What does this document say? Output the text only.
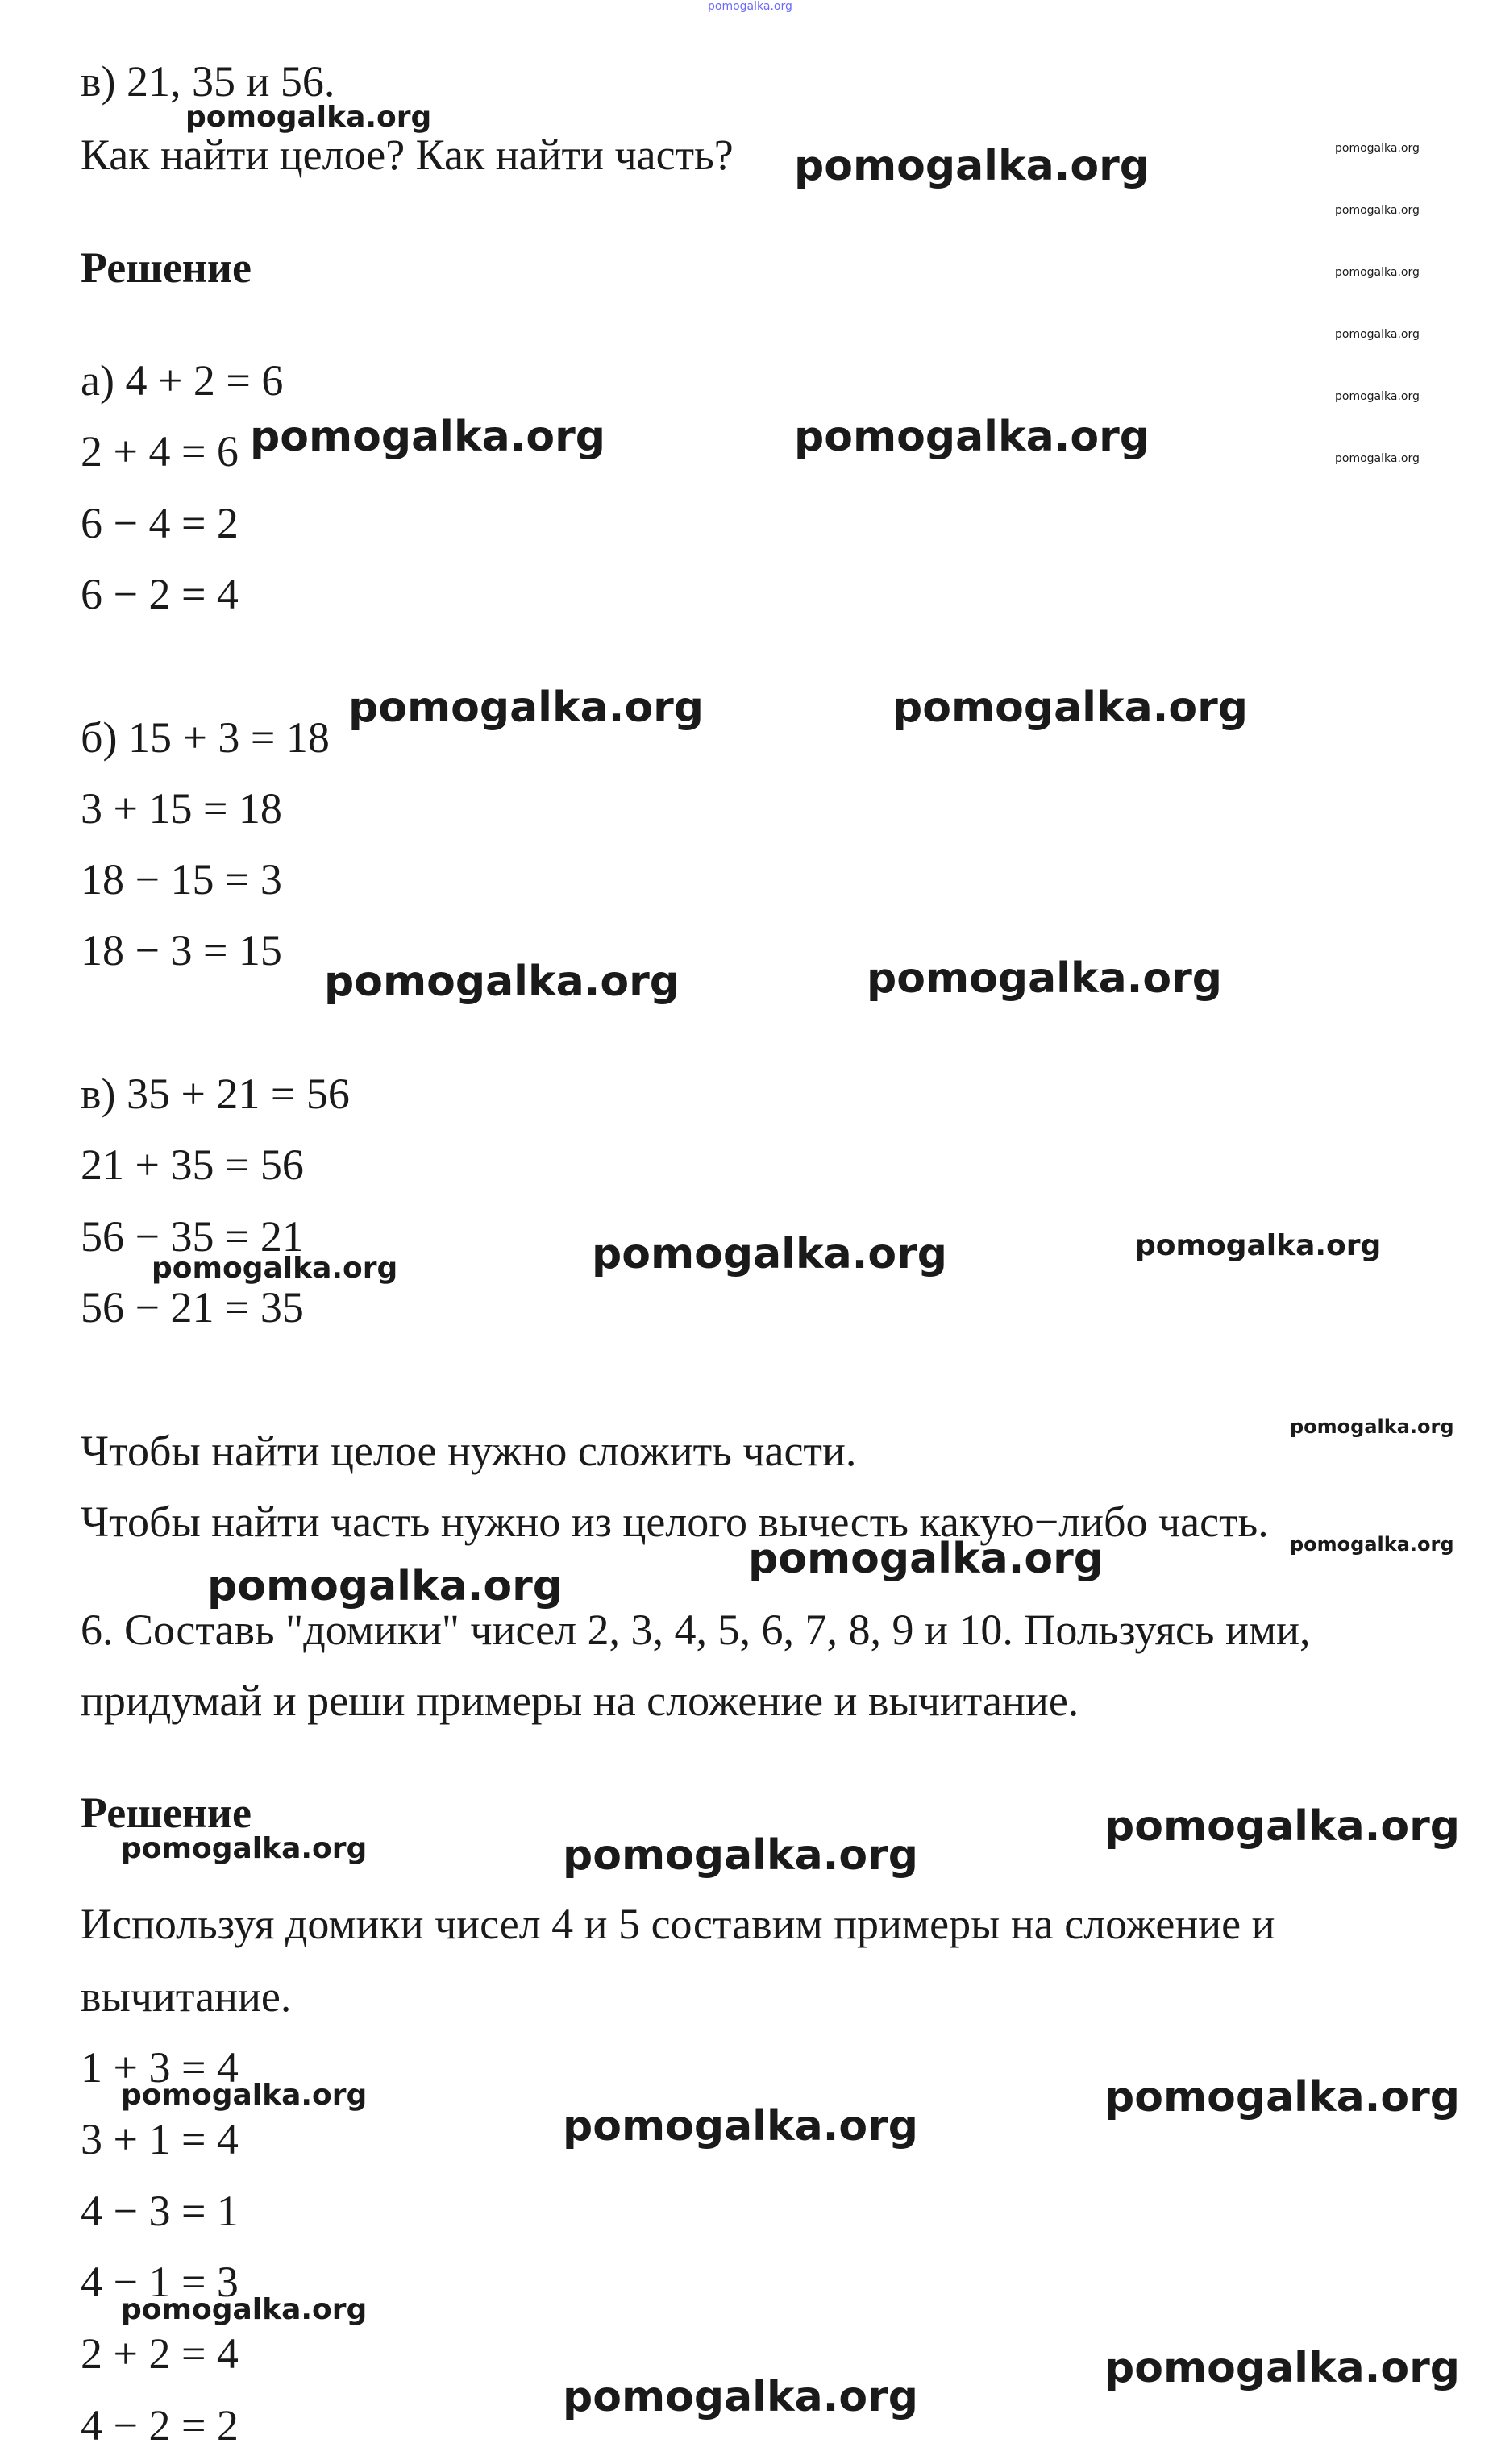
в) 21, 35 и 56.
Как найти целое? Как найти часть?
Решение
а) 4 + 2 = 6
2 + 4 = 6
6 − 4 = 2
6 − 2 = 4
б) 15 + 3 = 18
3 + 15 = 18
18 − 15 = 3
18 − 3 = 15
в) 35 + 21 = 56
21 + 35 = 56
56 − 35 = 21
56 − 21 = 35
Чтобы найти целое нужно сложить части.
Чтобы найти часть нужно из целого вычесть какую−либо часть.
6. Составь "домики" чисел 2, 3, 4, 5, 6, 7, 8, 9 и 10. Пользуясь ими,
придумай и реши примеры на сложение и вычитание.
Решение
Используя домики чисел 4 и 5 составим примеры на сложение и
вычитание.
1 + 3 = 4
3 + 1 = 4
4 − 3 = 1
4 − 1 = 3
2 + 2 = 4
4 − 2 = 2
pomogalka.org
pomogalka.org
pomogalka.org	pomogalka.org
pomogalka.org
pomogalka.org
pomogalka.org
pomogalka.org
pomogalka.org
pomogalka.org	pomogalka.org
pomogalka.org	pomogalka.org
pomogalka.org	pomogalka.org
pomogalka.org	pomogalka.org	pomogalka.org
pomogalka.org
pomogalka.org	pomogalka.org
pomogalka.org
pomogalka.org
pomogalka.org	pomogalka.org
pomogalka.org	pomogalka.org
pomogalka.org
pomogalka.org
pomogalka.org
pomogalka.org
